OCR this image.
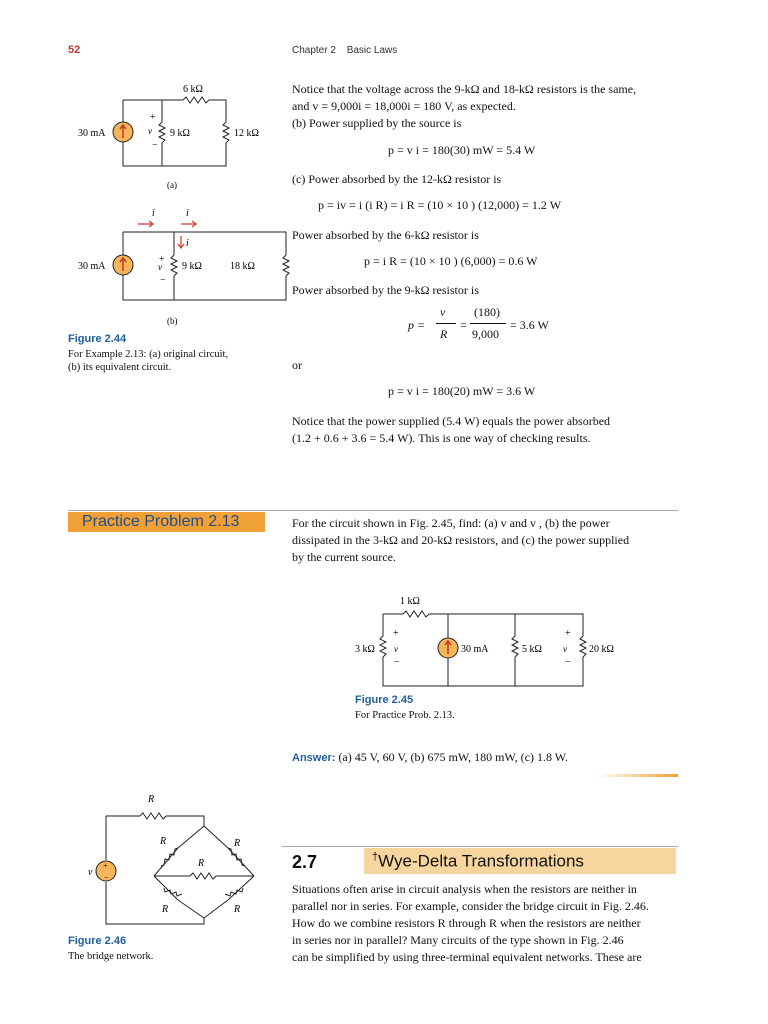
52	Chapter 2 Basic Laws
6 kΩ
30 mA
+
v
−
9 kΩ	12 kΩ
(a)
i	i
i
30 mA
+
v
−
9 kΩ	18 kΩ
(b)
Figure 2.44
For Example 2.13: (a) original circuit,
(b) its equivalent circuit.
Notice that the voltage across the 9-kΩ and 18-kΩ resistors is the same,
and v = 9,000i = 18,000i = 180 V, as expected.
(b) Power supplied by the source is
p = v i = 180(30) mW = 5.4 W
(c) Power absorbed by the 12-kΩ resistor is
p = iv = i (i R) = i R = (10 × 10 ) (12,000) = 1.2 W
Power absorbed by the 6-kΩ resistor is
p = i R = (10 × 10 ) (6,000) = 0.6 W
Power absorbed by the 9-kΩ resistor is
p =
v
R
=
(180)
9,000
= 3.6 W
or
p = v i = 180(20) mW = 3.6 W
Notice that the power supplied (5.4 W) equals the power absorbed
(1.2 + 0.6 + 3.6 = 5.4 W). This is one way of checking results.
Practice Problem 2.13	For the circuit shown in Fig. 2.45, find: (a) v and v , (b) the power
dissipated in the 3-kΩ and 20-kΩ resistors, and (c) the power supplied
by the current source.
1 kΩ
3 kΩ
+
v
−
30 mA	5 kΩ
+
v
−
20 kΩ
Figure 2.45
For Practice Prob. 2.13.
Answer: (a) 45 V, 60 V, (b) 675 mW, 180 mW, (c) 1.8 W.
+
−
R
R	R
R
R	R
v
Figure 2.46
The bridge network.
2.7	†Wye-Delta Transformations
Situations often arise in circuit analysis when the resistors are neither in
parallel nor in series. For example, consider the bridge circuit in Fig. 2.46.
How do we combine resistors R through R when the resistors are neither
in series nor in parallel? Many circuits of the type shown in Fig. 2.46
can be simplified by using three-terminal equivalent networks. These are
